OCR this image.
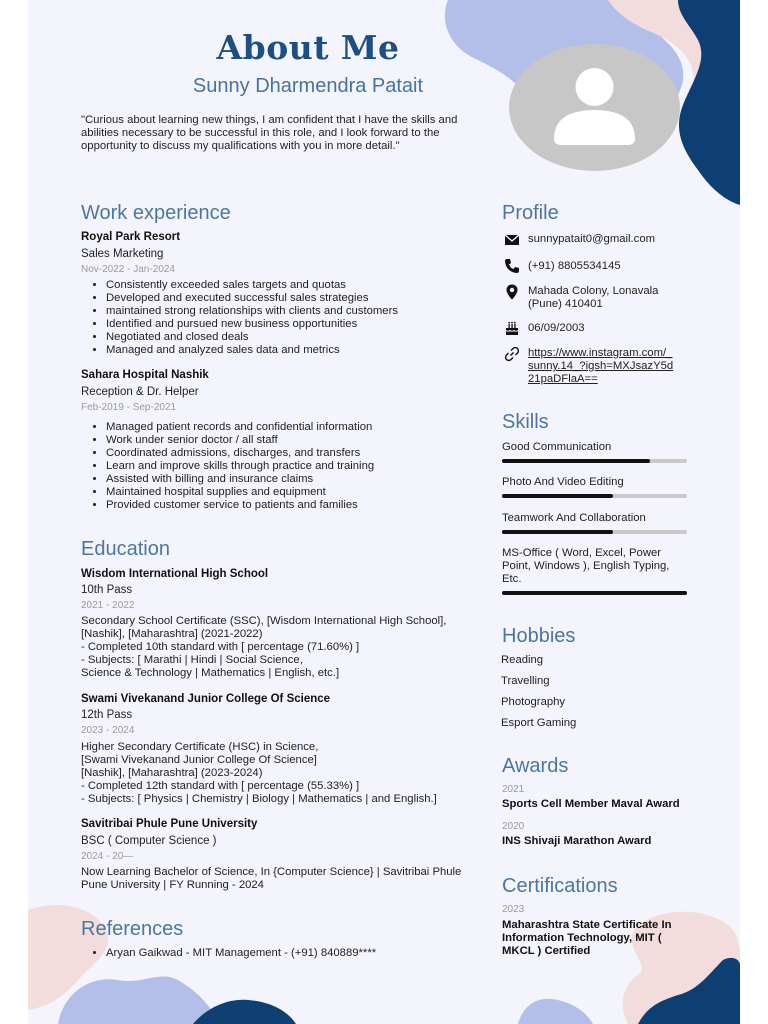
About Me
Sunny Dharmendra Patait
"Curious about learning new things, I am confident that I have the skills and abilities necessary to be successful in this role, and I look forward to the opportunity to discuss my qualifications with you in more detail."
Work experience
Royal Park Resort
Sales Marketing
Nov-2022 - Jan-2024
• Consistently exceeded sales targets and quotas
• Developed and executed successful sales strategies
• maintained strong relationships with clients and customers
• Identified and pursued new business opportunities
• Negotiated and closed deals
• Managed and analyzed sales data and metrics
Sahara Hospital Nashik
Reception & Dr. Helper
Feb-2019 - Sep-2021
• Managed patient records and confidential information
• Work under senior doctor / all staff
• Coordinated admissions, discharges, and transfers
• Learn and improve skills through practice and training
• Assisted with billing and insurance claims
• Maintained hospital supplies and equipment
• Provided customer service to patients and families
Education
Wisdom International High School
10th Pass
2021 - 2022
Secondary School Certificate (SSC), [Wisdom International High School], [Nashik], [Maharashtra] (2021-2022)
- Completed 10th standard with [ percentage (71.60%) ]
- Subjects: [ Marathi | Hindi | Social Science,
Science & Technology | Mathematics | English, etc.]
Swami Vivekanand Junior College Of Science
12th Pass
2023 - 2024
Higher Secondary Certificate (HSC) in Science,
[Swami Vivekanand Junior College Of Science]
[Nashik], [Maharashtra] (2023-2024)
- Completed 12th standard with [ percentage (55.33%) ]
- Subjects: [ Physics | Chemistry | Biology | Mathematics | and English.]
Savitribai Phule Pune University
BSC ( Computer Science )
2024 - 20—
Now Learning Bachelor of Science, In {Computer Science} | Savitribai Phule Pune University | FY Running - 2024
References
• Aryan Gaikwad - MIT Management - (+91) 840889****
Profile
sunnypatait0@gmail.com
(+91) 8805534145
Mahada Colony, Lonavala (Pune) 410401
06/09/2003
https://www.instagram.com/_sunny.14_?igsh=MXJsazY5d21paDFlaA==
Skills
Good Communication
Photo And Video Editing
Teamwork And Collaboration
MS-Office ( Word, Excel, Power Point, Windows ), English Typing, Etc.
Hobbies
Reading
Travelling
Photography
Esport Gaming
Awards
2021
Sports Cell Member Maval Award
2020
INS Shivaji Marathon Award
Certifications
2023
Maharashtra State Certificate In Information Technology, MIT ( MKCL ) Certified
